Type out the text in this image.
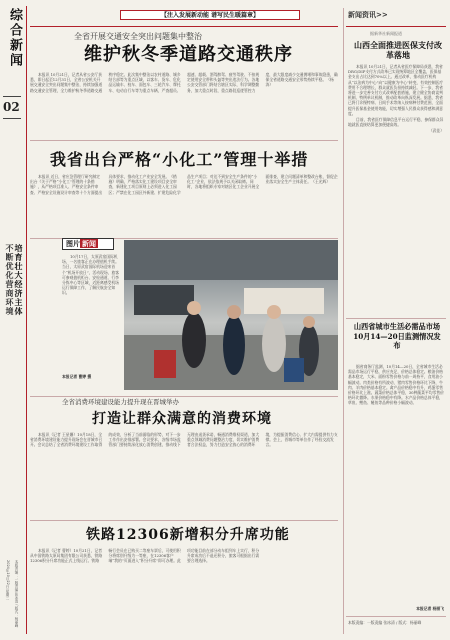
综合新闻
02
不断优化营商环境 培育壮大经济主体
2024年10月22日 星期二 本版责编：一版责编 张冰清 / 版式：杨丽峰
【注入发展新动能 谱写民生暖篇章】
全省开展交通安全突出问题集中整治
维护秋冬季道路交通秩序

本报讯 10月21日，记者从省公安厅获悉，即日起至12月31日，全省公安机关开展交通安全突出问题集中整治，持续加强道路交通安全管理，全力维护秋冬季道路交通秩序稳定。此次集中整治以农村道路、城乡结合部等为重点区域，以客车、货车、危化品运输车、校车、面包车、三轮汽车、摩托车、电动自行车等为重点车辆，严查超员、超速、超载、酒驾醉驾、疲劳驾驶、不按规定使用安全带和头盔等突出违法行为。各地公安交管部门将结合辖区实际，科学调整勤务，加大重点时段、重点路段巡逻管控力度，最大限度减少交通拥堵和事故隐患，确保全省道路交通安全形势持续平稳。（杨涛）

我省出台严格“小化工”管理十举措

本报讯 近日，省应急管理厅研究制定出台《关于严格“小化工”管理的十条措施》，从严格项目准入、严格安全条件审查、严格安全设施设计审查等十个方面提出具体要求，推动化工产业安全发展。《措施》明确，严格落实化工建设项目安全审查，新建化工项目原则上必须进入化工园区；严禁在化工园区外新建、扩建危险化学品生产项目；对达不到安全生产条件的“小化工”企业，依法依规予以关闭取缔。同时，各地将组织专家对辖区化工企业开展全面排查，建立问题清单和整改台账，督促企业落实安全生产主体责任。（王光辉）

图片 新闻

10月17日，太原武宿国际机场，一名旅客正在办理值机手续。当日，太原武宿国际机场迎来首个“机场开放日”，活动现场，旅客可参观值机柜台、安检通道、行李分拣中心等区域，近距离感受机场运行保障工作，了解民航安全知识。

本报记者 曹婷 摄
全省消费环境建设能力提升现在晋城举办
打造让群众满意的消费环境

本报讯（记者 王星姗）10月18日，全省消费环境建设能力提升现场会在晋城市召开。会议总结了全省消费环境建设工作取得的成效，分析了当前面临的形势，对下一步工作作出安排部署。会议要求，各级市场监管部门要持续深化放心消费创建，推动线下无理由退货承诺，畅通消费维权渠道，加大重点领域消费问题整治力度，切实维护消费者合法权益，努力打造安全放心的消费环境，为提振消费信心、扩大内需提供有力支撑。会上，晋城市等单位作了经验交流发言。

铁路12306新增积分升席功能

本报讯（记者 曹婷）10月21日，记者从中国铁路太原局集团有限公司获悉，铁路12306积分升席功能正式上线运行。铁路畅行会员在已购买二等座车票后，可使用积分将席别升级为一等座，在12306客户端“我的”页面进入“积分升席”即可办理。此项功能目前在部分动车组列车上实行，积分升席成功后不退还积分，旅客可根据出行需要合理选择。

新闻资讯>>
据新华社新闻报道
山西全面推进医保支付改革落地

本报讯 10月21日，记者从省医疗保障局获悉，我省DRG/DIP支付方式改革已实现统筹地区全覆盖，医保基金支出占比达到70%以上。通过改革，推动医疗机构从“以治病为中心”向“以健康为中心”转变，有效控制医疗费用不合理增长，群众就医负担持续减轻。下一步，我省将进一步完善支付方式改革配套措施，建立健全协商谈判机制、特例单议机制，推动改革向纵深发展。据悉，我省已将门诊慢特病、日间手术等纳入按病种付费范围，全面提升医保基金使用效能，切实增强人民群众获得感和满意度。

目前，我省医疗保障信息平台运行平稳，参保群众异地就医直接结算更加便捷高效。

（武佳）

山西省城市生活必需品市场10月14—20日监测情况发布

据省商务厅监测，10月14—20日，全省城市生活必需品市场运行平稳，供应充足，价格总体稳定。粮油价格基本稳定，大米、面粉零售价格与前一周持平，食用油小幅波动。肉类价格有所波动，猪肉零售价格环比下降，牛肉、羊肉价格基本稳定。禽产品价格稳中有升，鸡蛋零售价格环比上涨。蔬菜价格总体平稳，30种蔬菜平均零售价格环比微降。水果价格稳中有降。水产品价格总体平稳，草鱼、鲤鱼、鲢鱼等品种价格小幅波动。

本报记者 杨丽飞
本版责编：一版责编 张冰清 / 版式：杨丽峰
